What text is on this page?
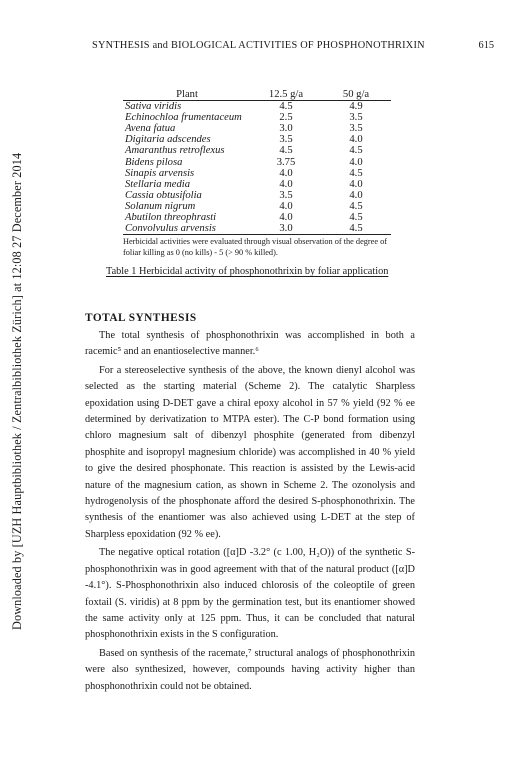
Downloaded by [UZH Hauptbibliothek / Zentralbibliothek Zürich] at 12:08 27 December 2014
SYNTHESIS and BIOLOGICAL ACTIVITIES OF PHOSPHONOTHRIXIN	615
Plant	12.5 g/a	50 g/a
Sativa viridis	4.5	4.9
Echinochloa frumentaceum	2.5	3.5
Avena fatua	3.0	3.5
Digitaria adscendes	3.5	4.0
Amaranthus retroflexus	4.5	4.5
Bidens pilosa	3.75	4.0
Sinapis arvensis	4.0	4.5
Stellaria media	4.0	4.0
Cassia obtusifolia	3.5	4.0
Solanum nigrum	4.0	4.5
Abutilon threophrasti	4.0	4.5
Convolvulus arvensis	3.0	4.5
Herbicidal activities were evaluated through visual observation of the degree of foliar killing as 0 (no kills) - 5 (> 90 % killed).
Table 1 Herbicidal activity of phosphonothrixin by foliar application
TOTAL SYNTHESIS

The total synthesis of phosphonothrixin was accomplished in both a racemic⁵ and an enantioselective manner.⁶

For a stereoselective synthesis of the above, the known dienyl alcohol was selected as the starting material (Scheme 2). The catalytic Sharpless epoxidation using D-DET gave a chiral epoxy alcohol in 57 % yield (92 % ee determined by derivatization to MTPA ester). The C-P bond formation using chloro magnesium salt of dibenzyl phosphite (generated from dibenzyl phosphite and isopropyl magnesium chloride) was accomplished in 40 % yield to give the desired phosphonate. This reaction is assisted by the Lewis-acid nature of the magnesium cation, as shown in Scheme 2. The ozonolysis and hydrogenolysis of the phosphonate afford the desired S-phosphonothrixin. The synthesis of the enantiomer was also achieved using L-DET at the step of Sharpless epoxidation (92 % ee).

The negative optical rotation ([α]D -3.2° (c 1.00, H₂O)) of the synthetic S-phosphonothrixin was in good agreement with that of the natural product ([α]D -4.1°). S-Phosphonothrixin also induced chlorosis of the coleoptile of green foxtail (S. viridis) at 8 ppm by the germination test, but its enantiomer showed the same activity only at 125 ppm. Thus, it can be concluded that natural phosphonothrixin exists in the S configuration.

Based on synthesis of the racemate,⁷ structural analogs of phosphonothrixin were also synthesized, however, compounds having activity higher than phosphonothrixin could not be obtained.
